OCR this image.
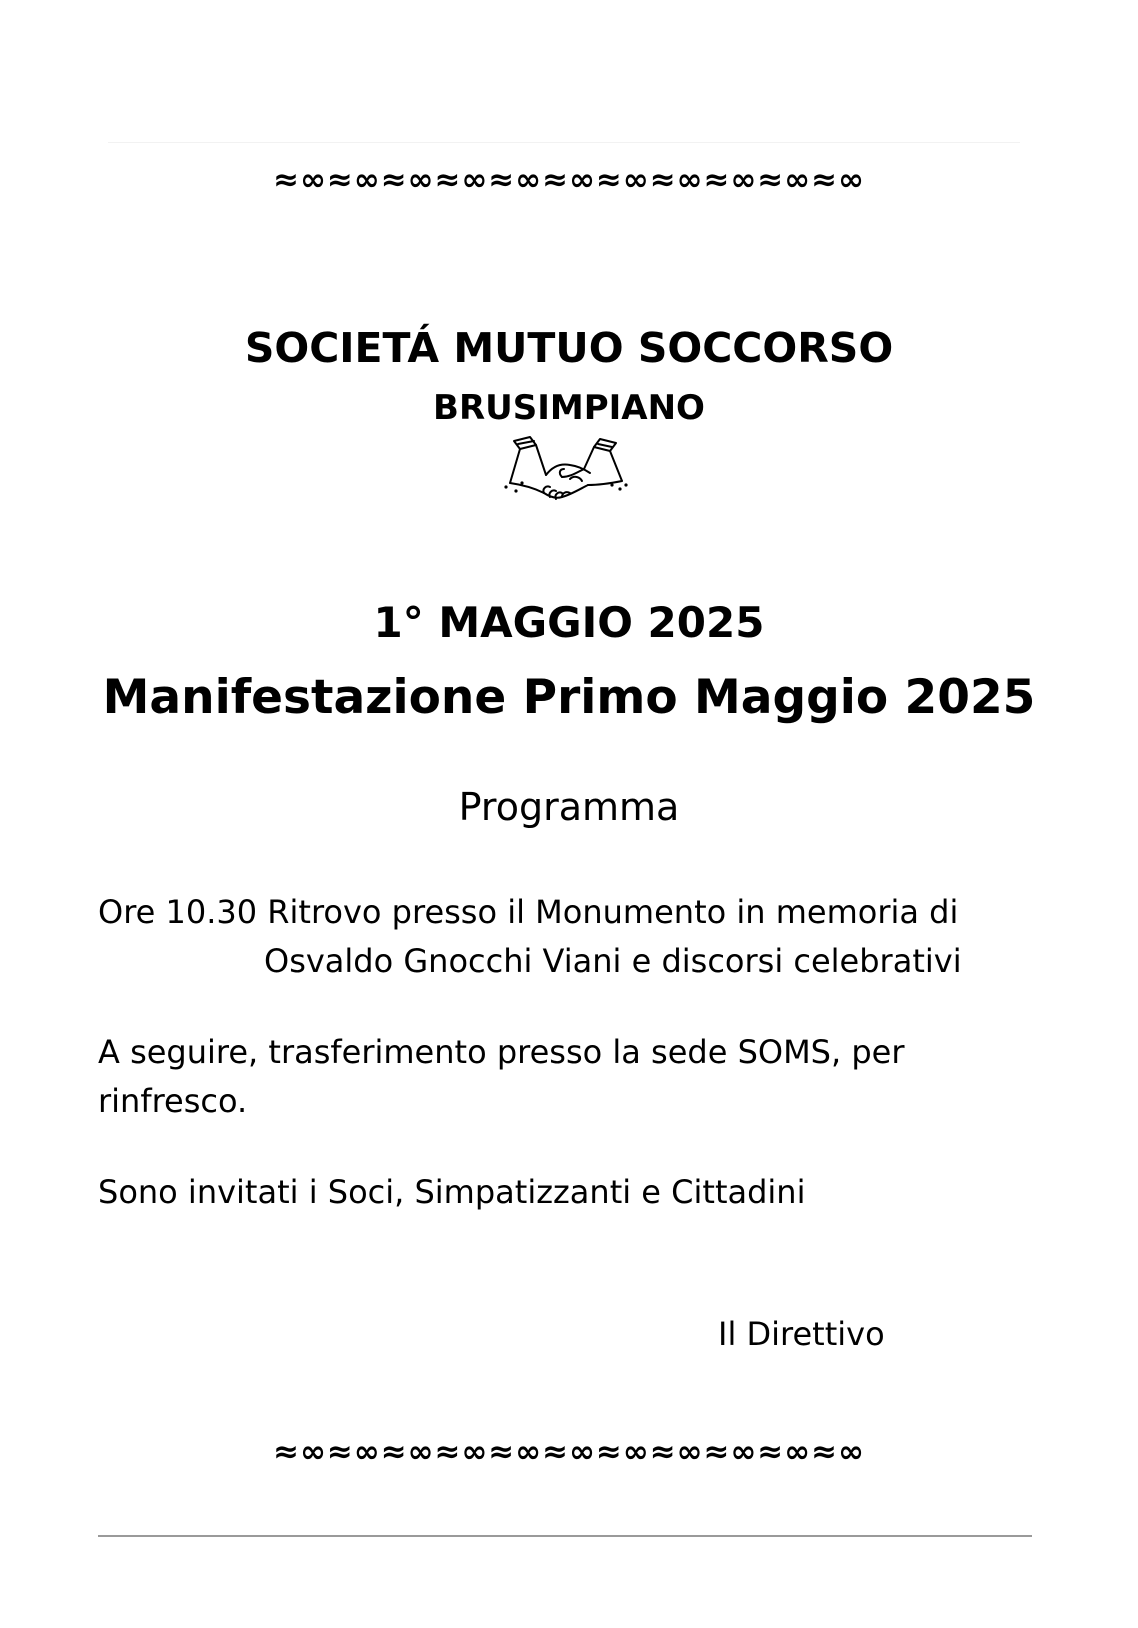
≈∞≈∞≈∞≈∞≈∞≈∞≈∞≈∞≈∞≈∞≈∞
SOCIETÁ MUTUO SOCCORSO
BRUSIMPIANO
1° MAGGIO 2025
Manifestazione Primo Maggio 2025
Programma
Ore 10.30 Ritrovo presso il Monumento in memoria di
Osvaldo Gnocchi Viani e discorsi celebrativi
A seguire, trasferimento presso la sede SOMS, per
rinfresco.
Sono invitati i Soci, Simpatizzanti e Cittadini
Il Direttivo
≈∞≈∞≈∞≈∞≈∞≈∞≈∞≈∞≈∞≈∞≈∞
